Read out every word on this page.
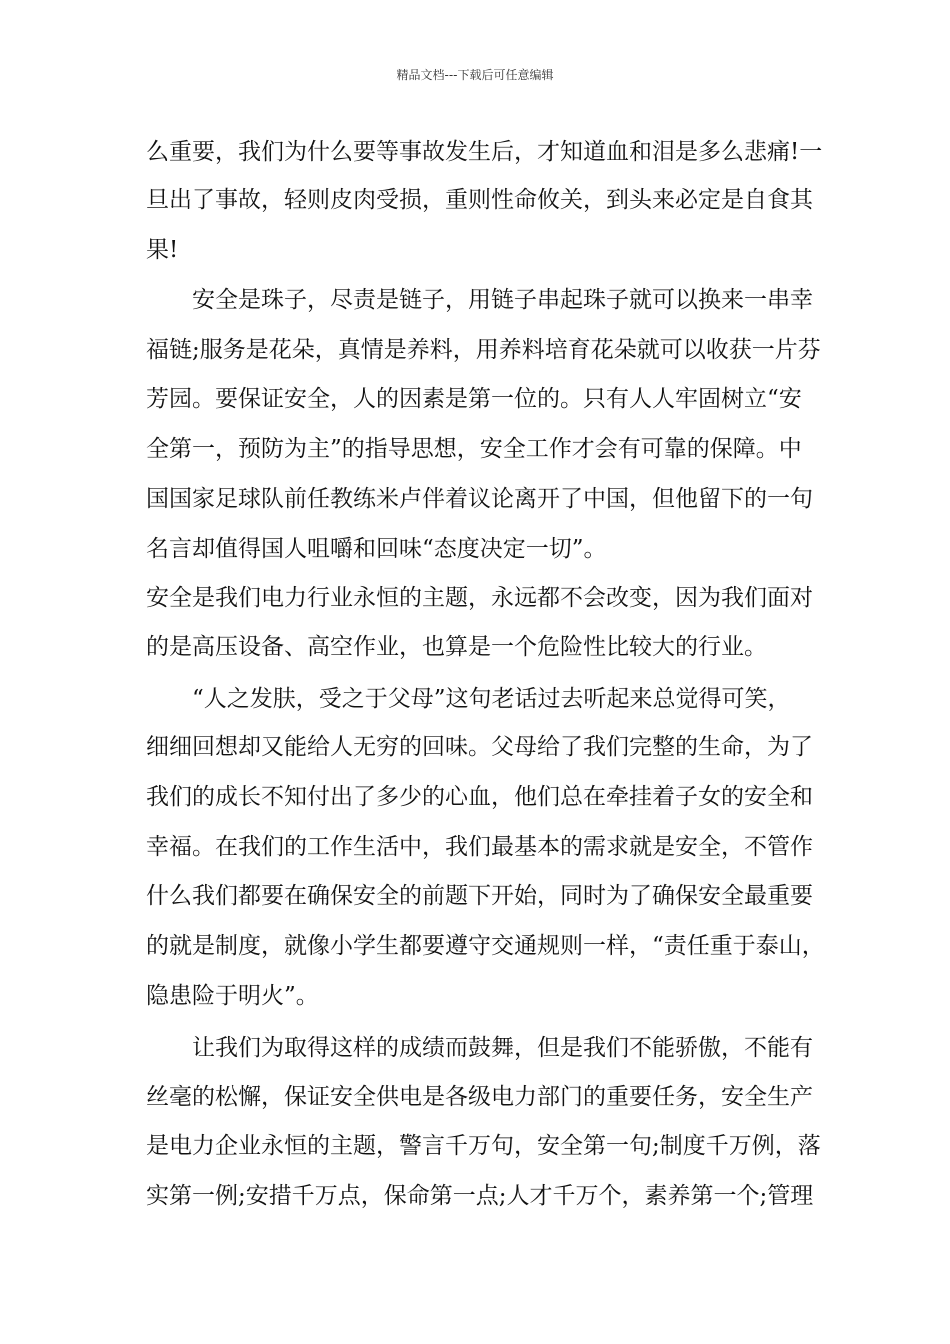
精品文档---下载后可任意编辑
么重要，我们为什么要等事故发生后，才知道血和泪是多么悲痛!一
旦出了事故，轻则皮肉受损，重则性命攸关，到头来必定是自食其
果!
　　安全是珠子，尽责是链子，用链子串起珠子就可以换来一串幸
福链;服务是花朵，真情是养料，用养料培育花朵就可以收获一片芬
芳园。要保证安全，人的因素是第一位的。只有人人牢固树立“安
全第一，预防为主”的指导思想，安全工作才会有可靠的保障。中
国国家足球队前任教练米卢伴着议论离开了中国，但他留下的一句
名言却值得国人咀嚼和回味“态度决定一切”。
安全是我们电力行业永恒的主题，永远都不会改变，因为我们面对
的是高压设备、高空作业，也算是一个危险性比较大的行业。
　　“人之发肤，受之于父母”这句老话过去听起来总觉得可笑，
细细回想却又能给人无穷的回味。父母给了我们完整的生命，为了
我们的成长不知付出了多少的心血，他们总在牵挂着子女的安全和
幸福。在我们的工作生活中，我们最基本的需求就是安全，不管作
什么我们都要在确保安全的前题下开始，同时为了确保安全最重要
的就是制度，就像小学生都要遵守交通规则一样，“责任重于泰山，
隐患险于明火”。
　　让我们为取得这样的成绩而鼓舞，但是我们不能骄傲，不能有
丝毫的松懈，保证安全供电是各级电力部门的重要任务，安全生产
是电力企业永恒的主题，警言千万句，安全第一句;制度千万例，落
实第一例;安措千万点，保命第一点;人才千万个，素养第一个;管理
